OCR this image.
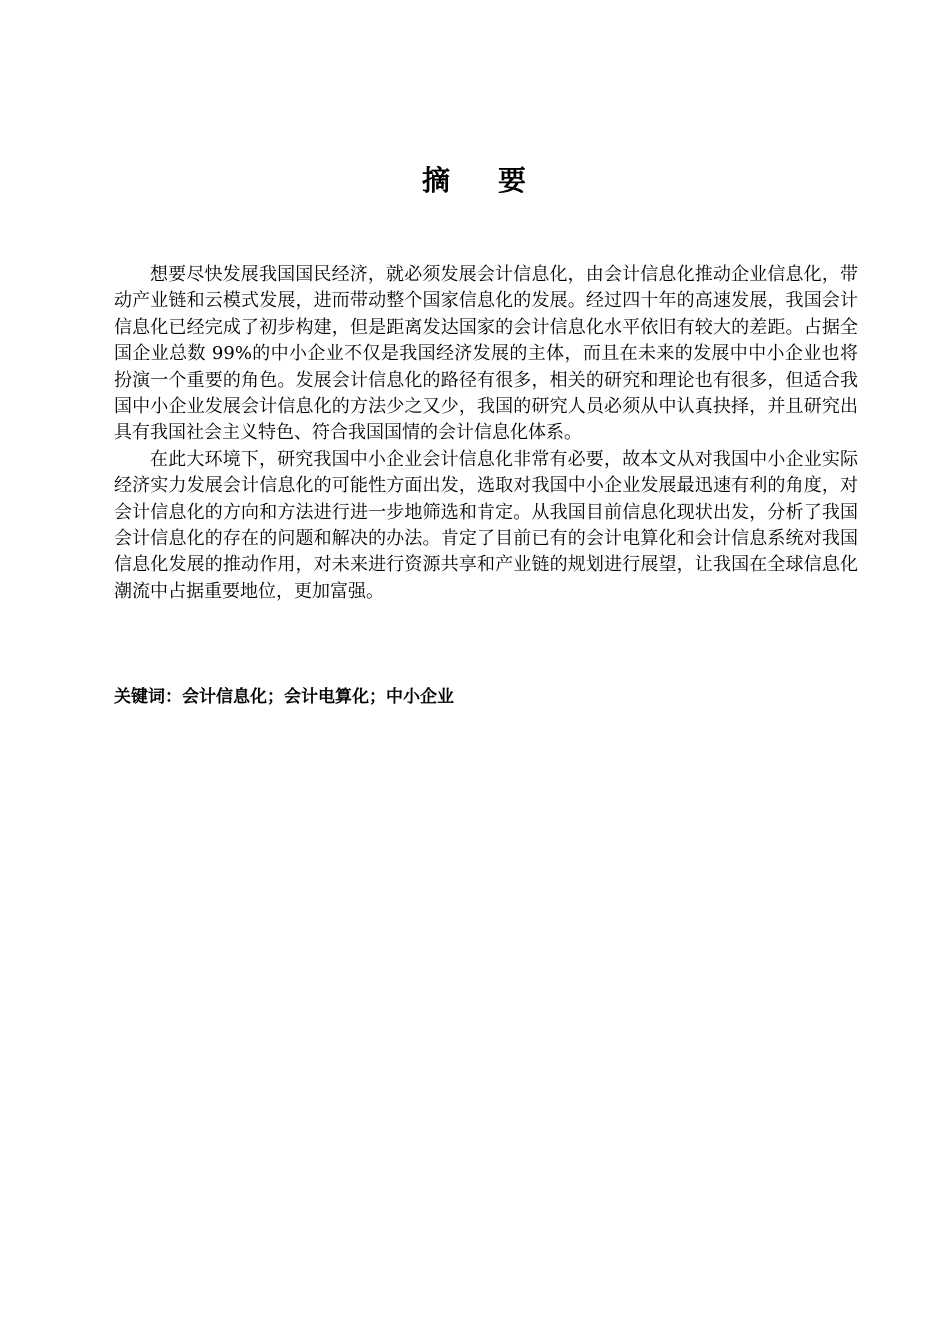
摘 要

想要尽快发展我国国民经济，就必须发展会计信息化，由会计信息化推动企业信息化，带动产业链和云模式发展，进而带动整个国家信息化的发展。经过四十年的高速发展，我国会计信息化已经完成了初步构建，但是距离发达国家的会计信息化水平依旧有较大的差距。占据全国企业总数 99%的中小企业不仅是我国经济发展的主体，而且在未来的发展中中小企业也将扮演一个重要的角色。发展会计信息化的路径有很多，相关的研究和理论也有很多，但适合我国中小企业发展会计信息化的方法少之又少，我国的研究人员必须从中认真抉择，并且研究出具有我国社会主义特色、符合我国国情的会计信息化体系。

在此大环境下，研究我国中小企业会计信息化非常有必要，故本文从对我国中小企业实际经济实力发展会计信息化的可能性方面出发，选取对我国中小企业发展最迅速有利的角度，对会计信息化的方向和方法进行进一步地筛选和肯定。从我国目前信息化现状出发，分析了我国会计信息化的存在的问题和解决的办法。肯定了目前已有的会计电算化和会计信息系统对我国信息化发展的推动作用，对未来进行资源共享和产业链的规划进行展望，让我国在全球信息化潮流中占据重要地位，更加富强。

关键词：会计信息化；会计电算化；中小企业
